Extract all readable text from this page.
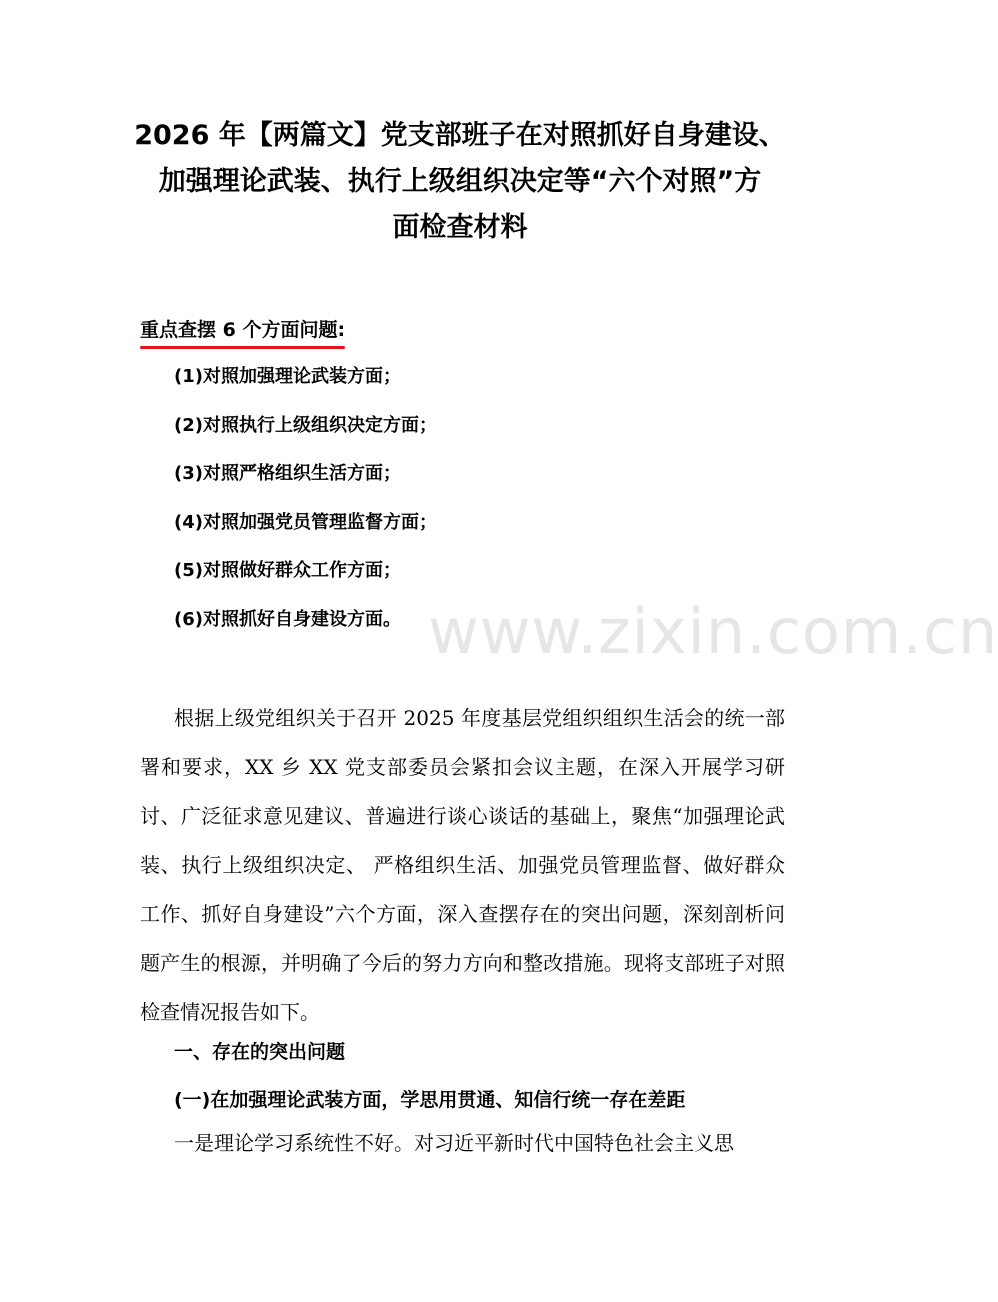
2026 年【两篇文】党支部班子在对照抓好自身建设、
加强理论武装、执行上级组织决定等“六个对照”方
面检查材料
重点查摆 6 个方面问题:
(1)对照加强理论武装方面；
(2)对照执行上级组织决定方面；
(3)对照严格组织生活方面；
(4)对照加强党员管理监督方面；
(5)对照做好群众工作方面；
(6)对照抓好自身建设方面。 www.zixin.com.cn

根据上级党组织关于召开 2025 年度基层党组织组织生活会的统一部署和要求，XX 乡 XX 党支部委员会紧扣会议主题，在深入开展学习研讨、广泛征求意见建议、普遍进行谈心谈话的基础上，聚焦“加强理论武装、执行上级组织决定、 严格组织生活、加强党员管理监督、做好群众工作、抓好自身建设”六个方面，深入查摆存在的突出问题，深刻剖析问题产生的根源，并明确了今后的努力方向和整改措施。现将支部班子对照检查情况报告如下。

一、存在的突出问题
(一)在加强理论武装方面，学思用贯通、知信行统一存在差距

一是理论学习系统性不好。对习近平新时代中国特色社会主义思
